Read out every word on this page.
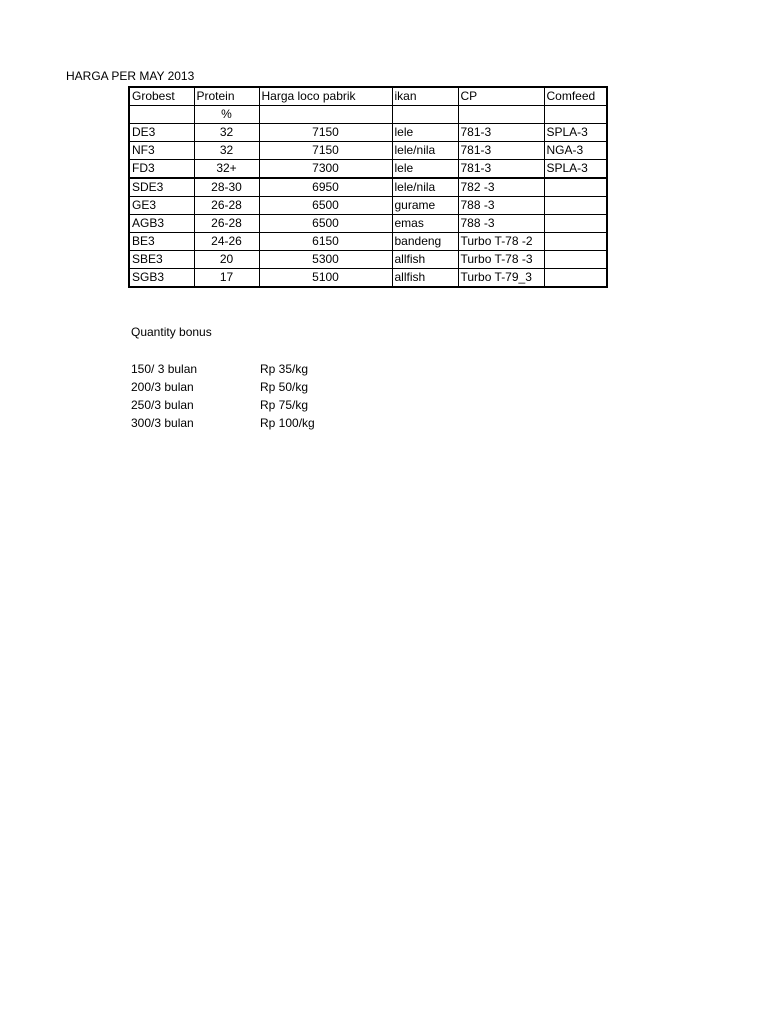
HARGA PER MAY 2013
Grobest	Protein	Harga loco pabrik	ikan	CP	Comfeed
	%				
DE3	32	7150	lele	781-3	SPLA-3
NF3	32	7150	lele/nila	781-3	NGA-3
FD3	32+	7300	lele	781-3	SPLA-3
SDE3	28-30	6950	lele/nila	782 -3	
GE3	26-28	6500	gurame	788 -3	
AGB3	26-28	6500	emas	788 -3	
BE3	24-26	6150	bandeng	Turbo T-78 -2	
SBE3	20	5300	allfish	Turbo T-78 -3	
SGB3	17	5100	allfish	Turbo T-79_3	
Quantity bonus
150/ 3 bulan	Rp 35/kg
200/3 bulan	Rp 50/kg
250/3 bulan	Rp 75/kg
300/3 bulan	Rp 100/kg
